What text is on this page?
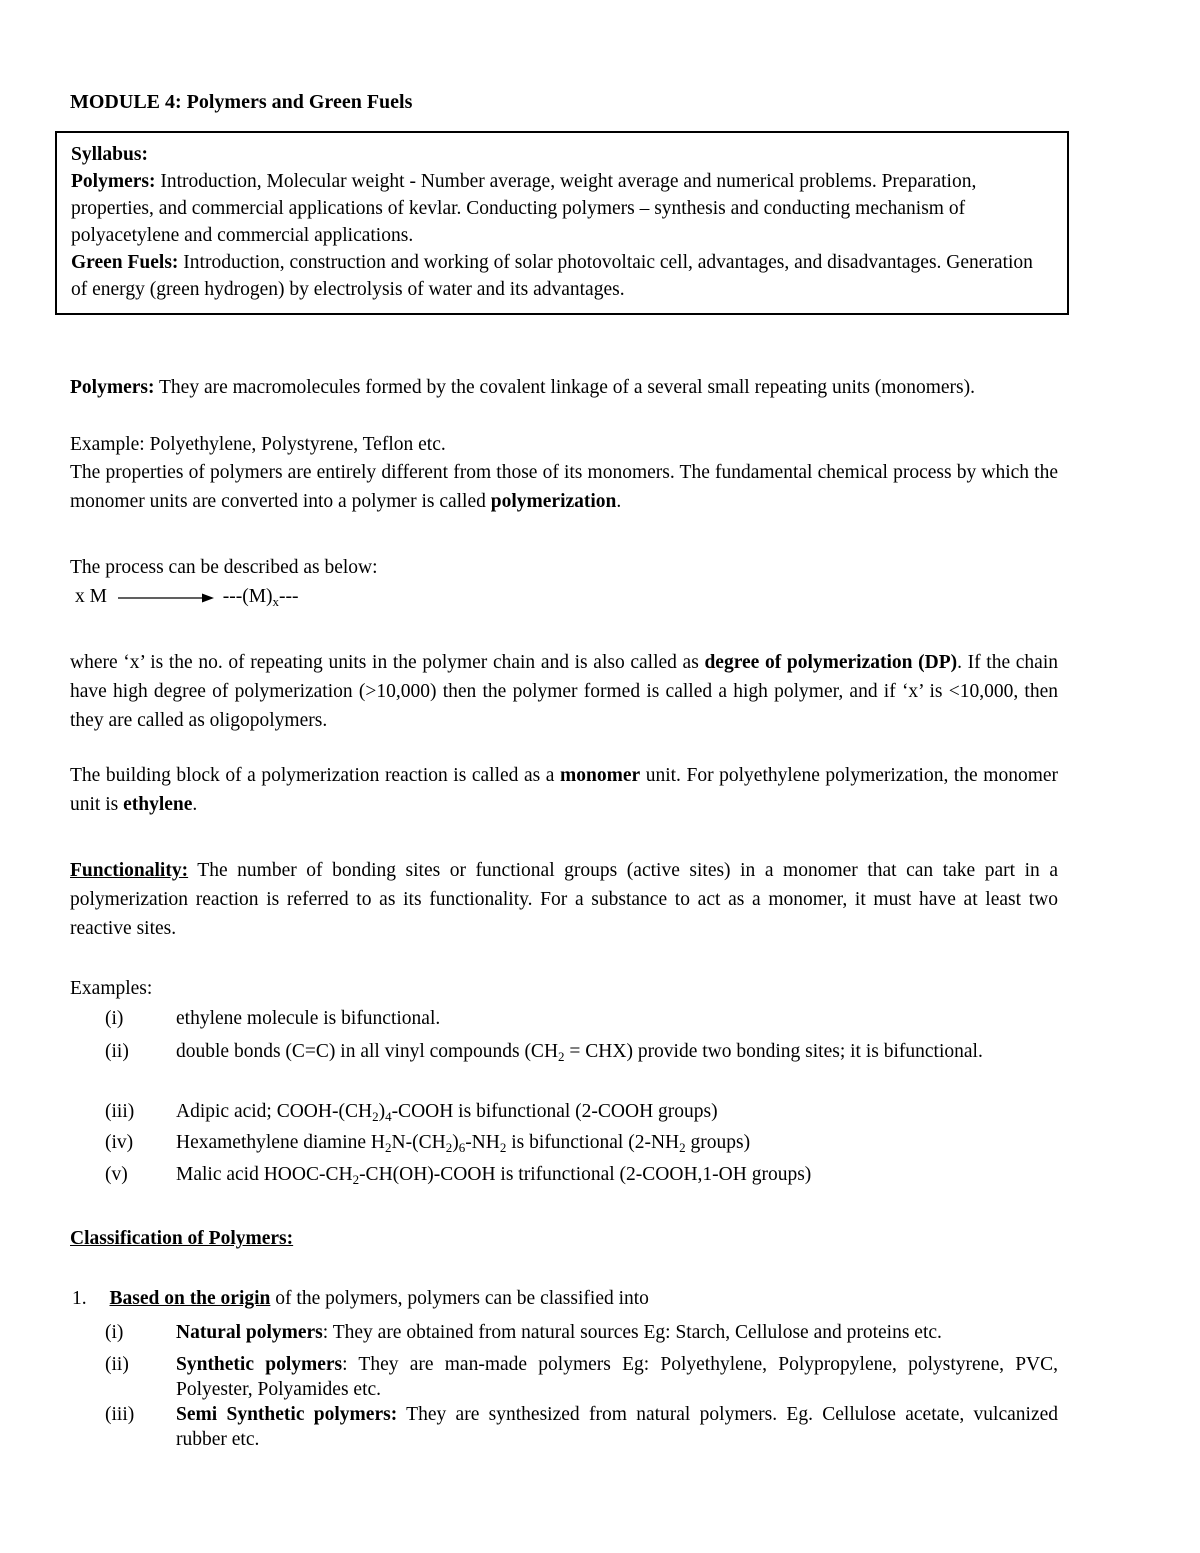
MODULE 4: Polymers and Green Fuels

Syllabus:

Polymers: Introduction, Molecular weight - Number average, weight average and numerical problems. Preparation, properties, and commercial applications of kevlar. Conducting polymers – synthesis and conducting mechanism of polyacetylene and commercial applications.

Green Fuels: Introduction, construction and working of solar photovoltaic cell, advantages, and disadvantages. Generation of energy (green hydrogen) by electrolysis of water and its advantages.

Polymers: They are macromolecules formed by the covalent linkage of a several small repeating units (monomers).
Example: Polyethylene, Polystyrene, Teflon etc.
The properties of polymers are entirely different from those of its monomers. The fundamental chemical process by which the monomer units are converted into a polymer is called polymerization.
The process can be described as below:
x M	$---(M)_x---$
where ‘x’ is the no. of repeating units in the polymer chain and is also called as degree of polymerization (DP). If the chain have high degree of polymerization (>10,000) then the polymer formed is called a high polymer, and if ‘x’ is <10,000, then they are called as oligopolymers.
The building block of a polymerization reaction is called as a monomer unit. For polyethylene polymerization, the monomer unit is ethylene.
Functionality: The number of bonding sites or functional groups (active sites) in a monomer that can take part in a polymerization reaction is referred to as its functionality. For a substance to act as a monomer, it must have at least two reactive sites.
Examples:
(i)	ethylene molecule is bifunctional.
(ii) double bonds (C=C) in all vinyl compounds $(CH_2 = CHX)$ provide two bonding sites; it is bifunctional.
(iii) Adipic acid; COOH-$(CH_2)_4$-COOH is bifunctional (2-COOH groups)
(iv) Hexamethylene diamine $H_2N-(CH_2)_6-NH_2$ is bifunctional ($2-NH_2$ groups)
(v) Malic acid HOOC-$CH_2-CH(OH)$-COOH is trifunctional (2-COOH,1-OH groups)
Classification of Polymers:
1. Based on the origin of the polymers, polymers can be classified into
(i)	Natural polymers: They are obtained from natural sources Eg: Starch, Cellulose and proteins etc.
(ii) Synthetic polymers: They are man-made polymers Eg: Polyethylene, Polypropylene, polystyrene, PVC, Polyester, Polyamides etc.
(iii) Semi Synthetic polymers: They are synthesized from natural polymers. Eg. Cellulose acetate, vulcanized rubber etc.
